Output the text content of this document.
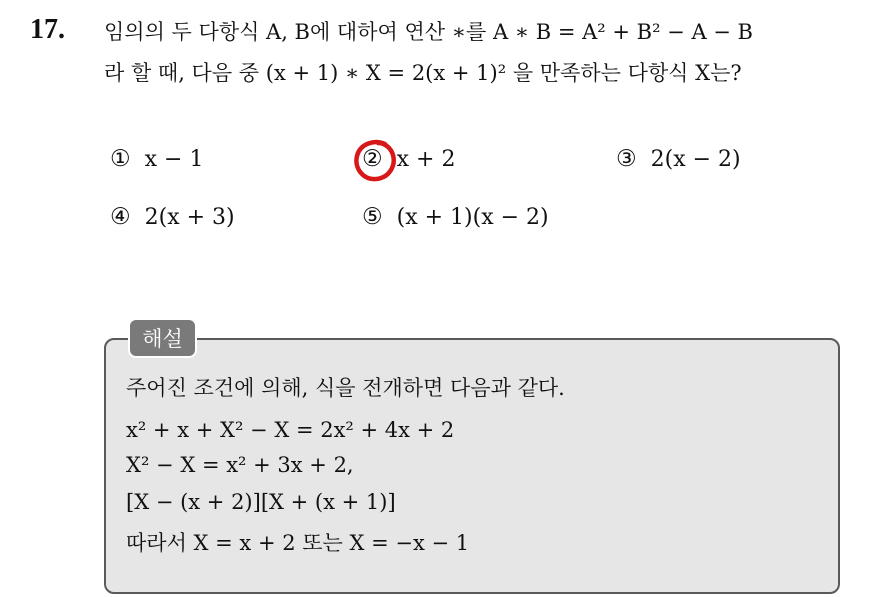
17. 임의의 두 다항식 A, B에 대하여 연산 ∗를 A ∗ B = A² + B² − A − B
라 할 때, 다음 중 (x + 1) ∗ X = 2(x + 1)² 을 만족하는 다항식 X는?
① x − 1	② x + 2	③ 2(x − 2)
④ 2(x + 3)	⑤ (x + 1)(x − 2)
해설
주어진 조건에 의해, 식을 전개하면 다음과 같다.
x² + x + X² − X = 2x² + 4x + 2
X² − X = x² + 3x + 2,
[X − (x + 2)][X + (x + 1)]
따라서 X = x + 2 또는 X = −x − 1
